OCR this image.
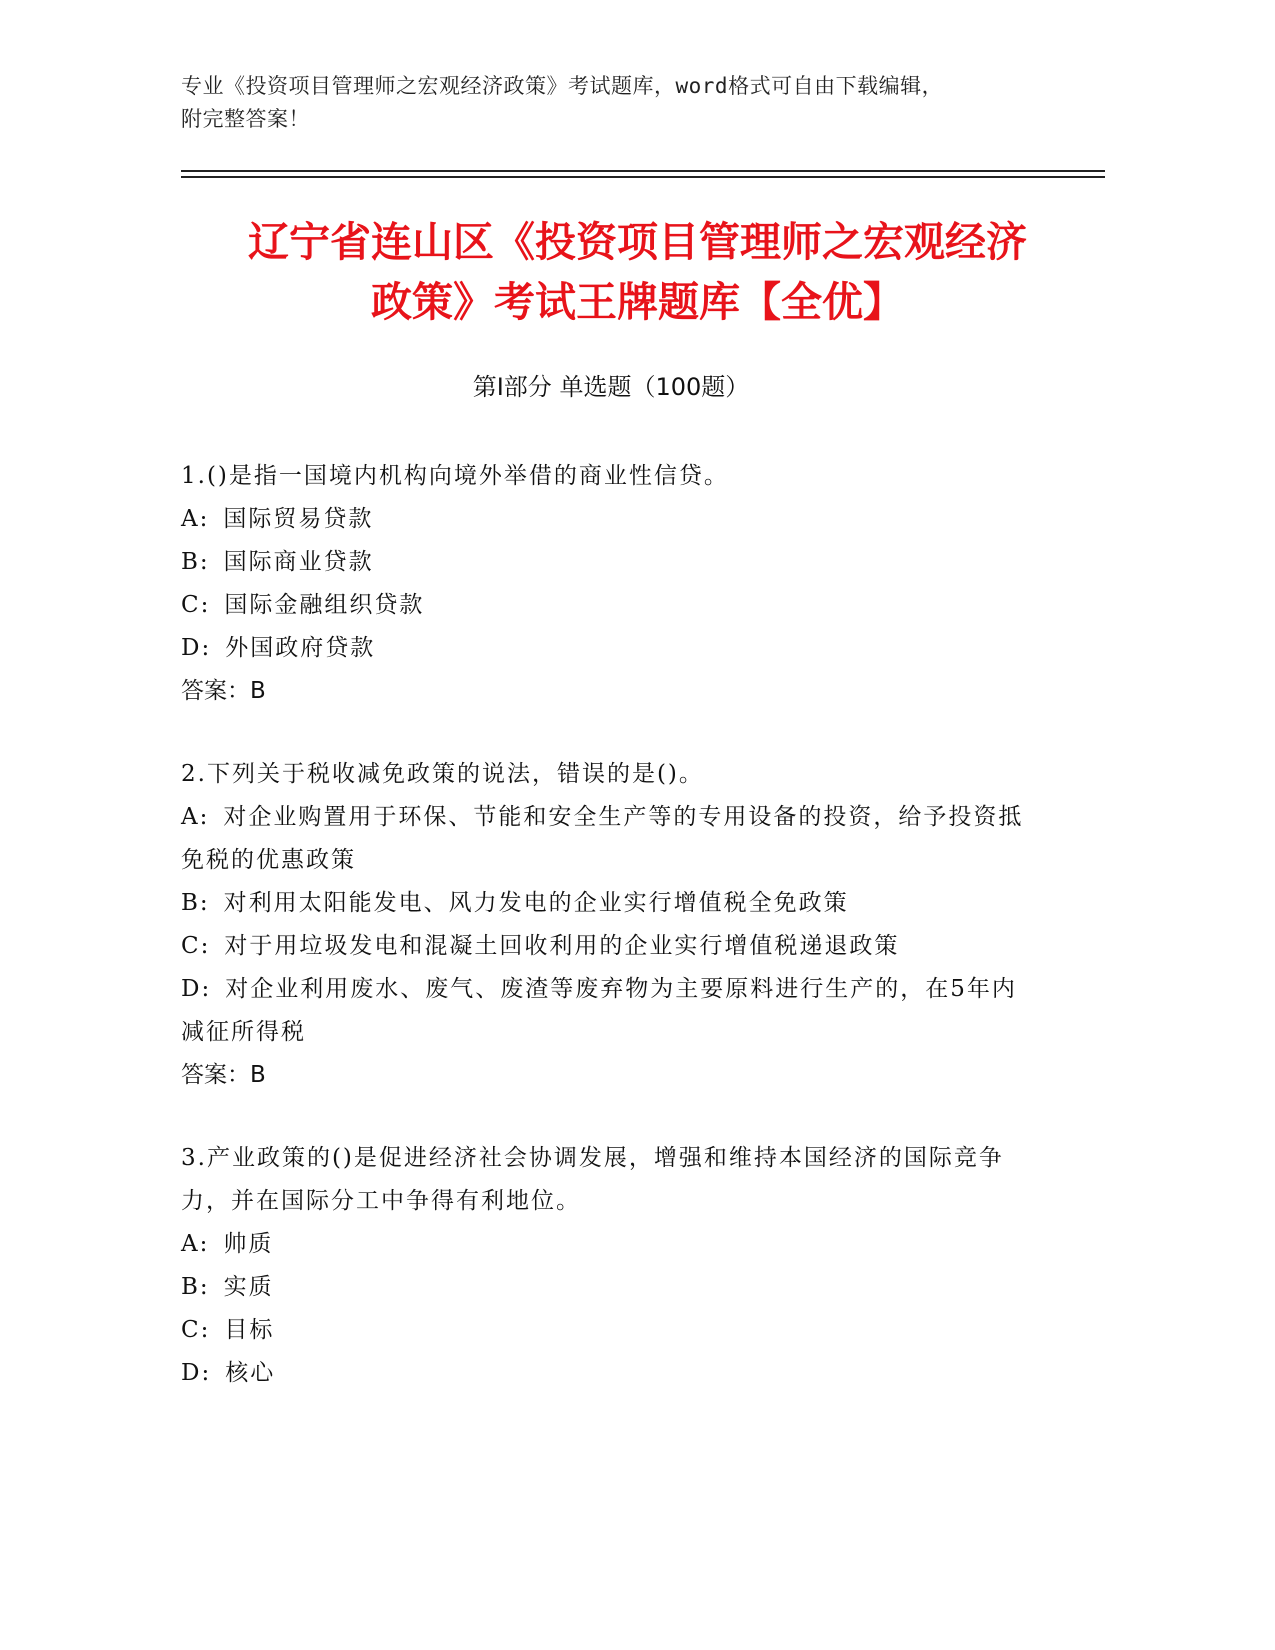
专业《投资项目管理师之宏观经济政策》考试题库，word格式可自由下载编辑，
附完整答案！
辽宁省连山区《投资项目管理师之宏观经济
政策》考试王牌题库【全优】
第Ⅰ部分 单选题（100题）
1.()是指一国境内机构向境外举借的商业性信贷。
A: 国际贸易贷款
B: 国际商业贷款
C: 国际金融组织贷款
D: 外国政府贷款
答案：B
2.下列关于税收减免政策的说法，错误的是()。
A: 对企业购置用于环保、节能和安全生产等的专用设备的投资，给予投资抵免税的优惠政策
B: 对利用太阳能发电、风力发电的企业实行增值税全免政策
C: 对于用垃圾发电和混凝土回收利用的企业实行增值税递退政策
D: 对企业利用废水、废气、废渣等废弃物为主要原料进行生产的，在5年内减征所得税
答案：B
3.产业政策的()是促进经济社会协调发展，增强和维持本国经济的国际竞争力，并在国际分工中争得有利地位。
A: 帅质
B: 实质
C: 目标
D: 核心
